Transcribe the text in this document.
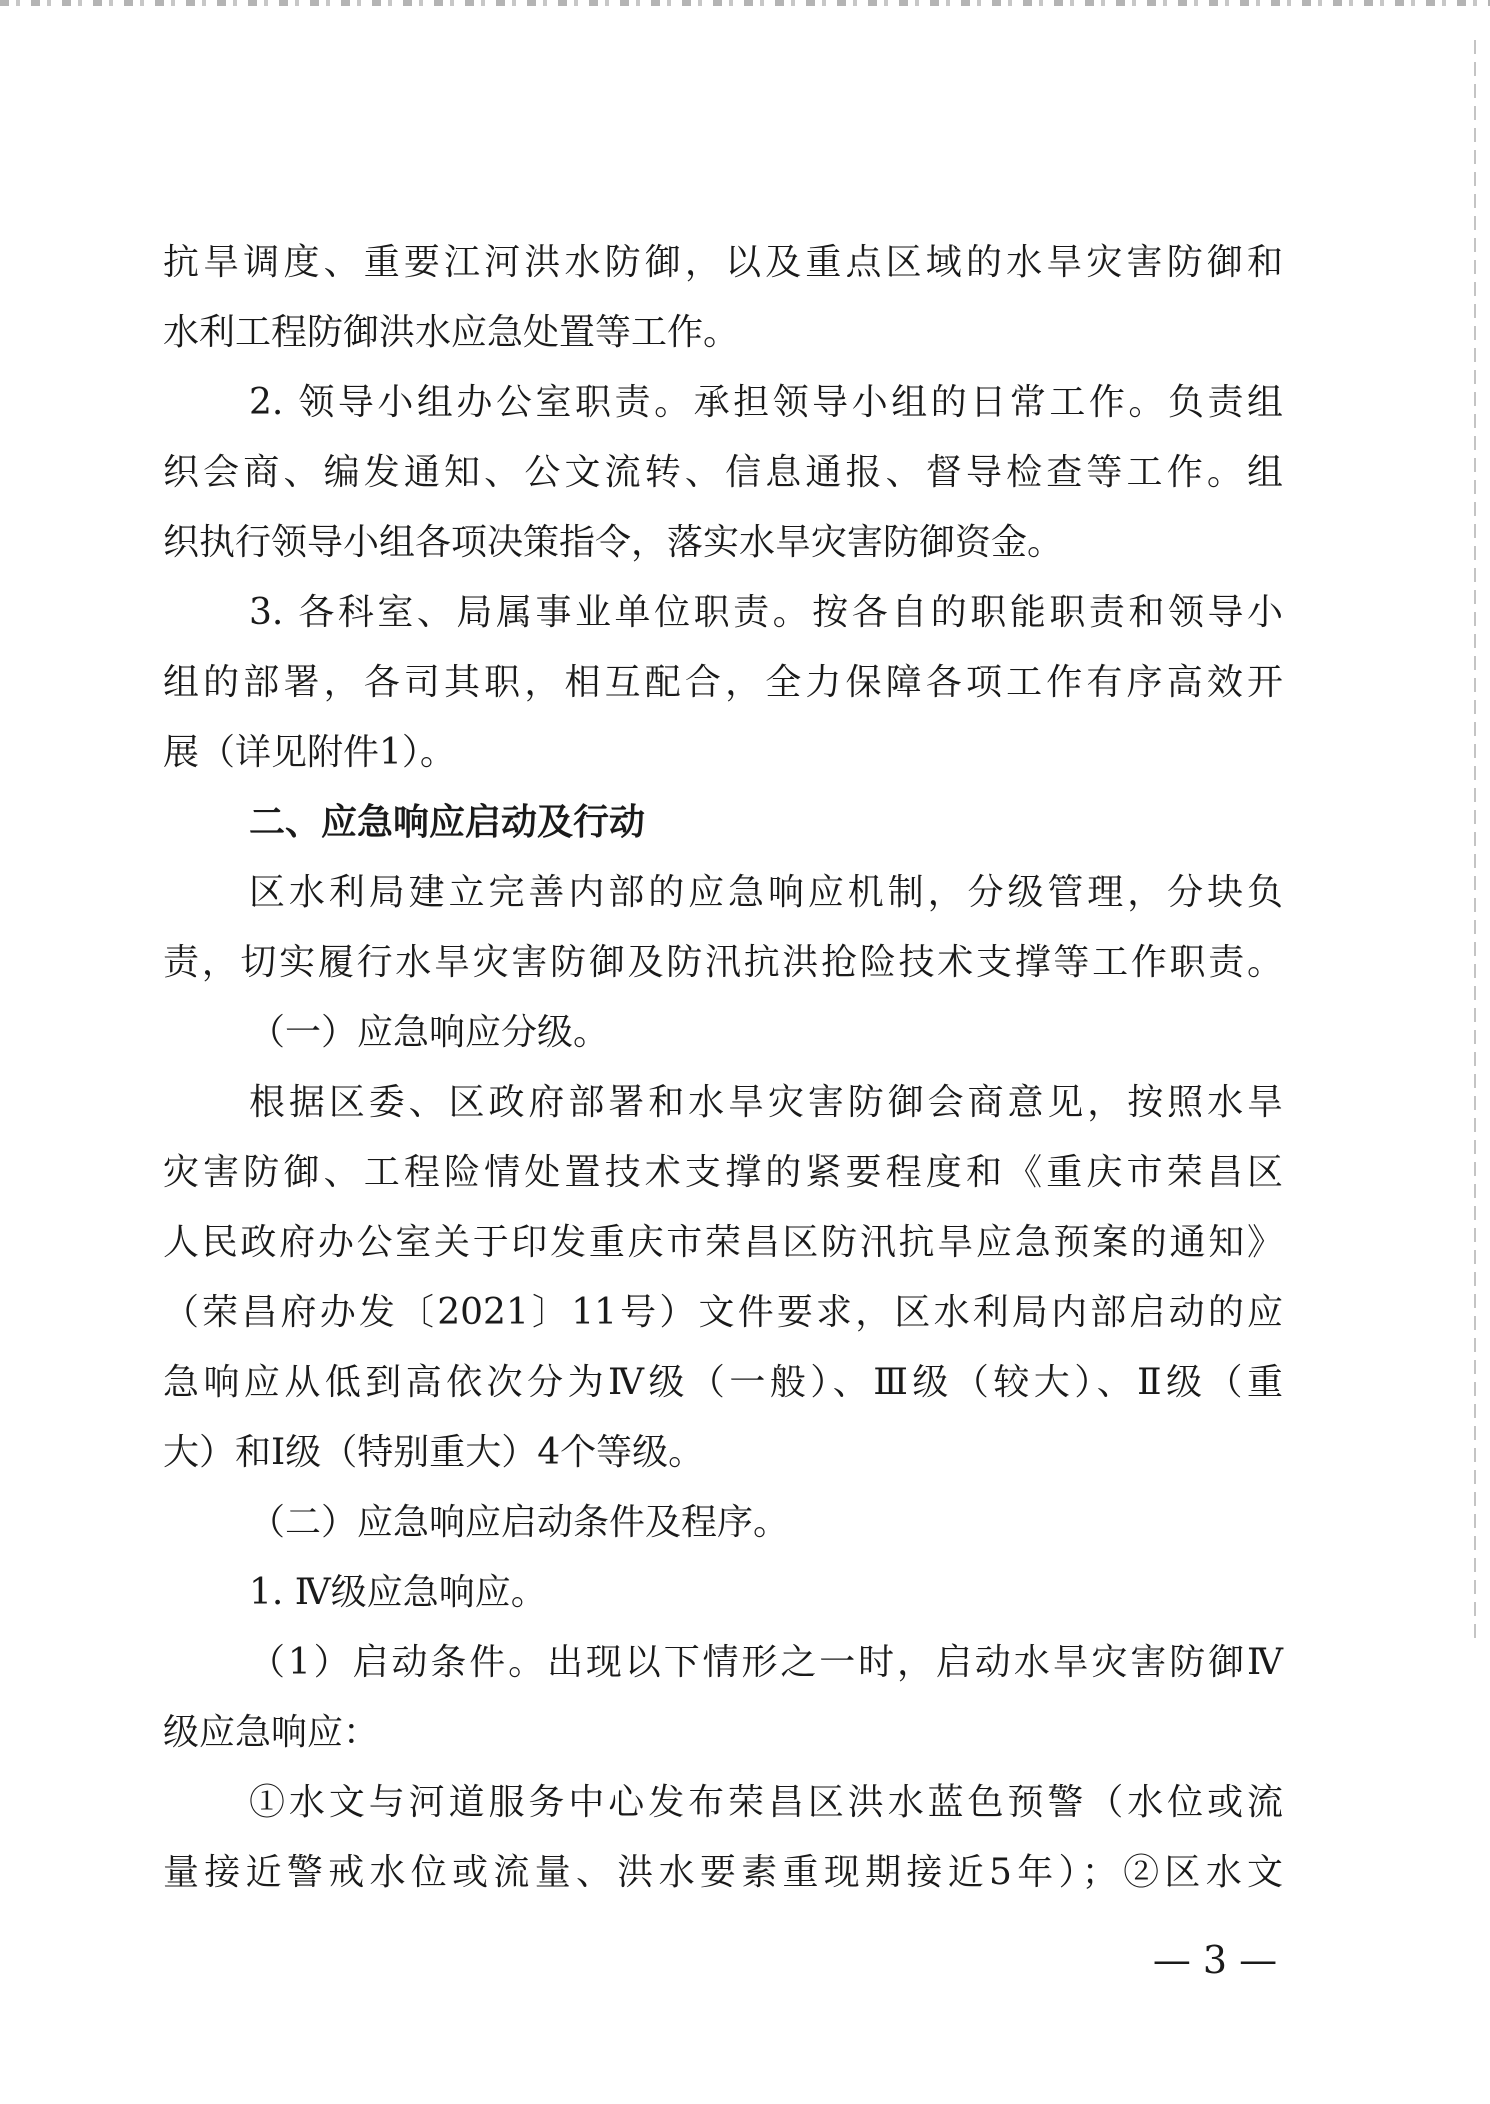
抗旱调度、重要江河洪水防御，以及重点区域的水旱灾害防御和
水利工程防御洪水应急处置等工作。
2. 领导小组办公室职责。承担领导小组的日常工作。负责组
织会商、编发通知、公文流转、信息通报、督导检查等工作。组
织执行领导小组各项决策指令，落实水旱灾害防御资金。
3. 各科室、局属事业单位职责。按各自的职能职责和领导小
组的部署，各司其职，相互配合，全力保障各项工作有序高效开
展（详见附件1）。
二、应急响应启动及行动
区水利局建立完善内部的应急响应机制，分级管理，分块负
责，切实履行水旱灾害防御及防汛抗洪抢险技术支撑等工作职责。
（一）应急响应分级。
根据区委、区政府部署和水旱灾害防御会商意见，按照水旱
灾害防御、工程险情处置技术支撑的紧要程度和《重庆市荣昌区
人民政府办公室关于印发重庆市荣昌区防汛抗旱应急预案的通知》
（荣昌府办发〔2021〕11号）文件要求，区水利局内部启动的应
急响应从低到高依次分为Ⅳ级（一般）、Ⅲ级（较大）、Ⅱ级（重
大）和Ⅰ级（特别重大）4个等级。
（二）应急响应启动条件及程序。
1. Ⅳ级应急响应。
（1）启动条件。出现以下情形之一时，启动水旱灾害防御Ⅳ
级应急响应：
①水文与河道服务中心发布荣昌区洪水蓝色预警（水位或流
量接近警戒水位或流量、洪水要素重现期接近5年）；②区水文
— 3 —
